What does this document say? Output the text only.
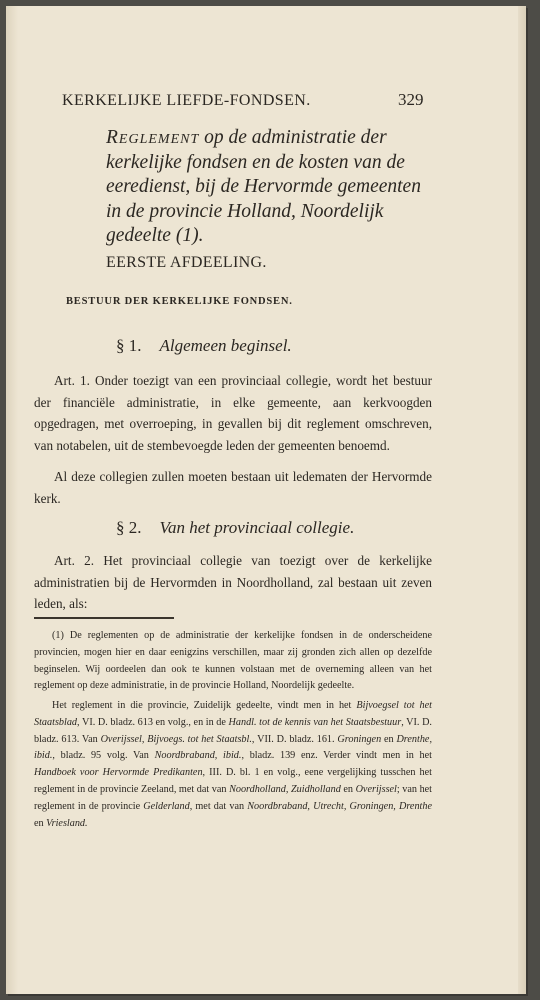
KERKELIJKE LIEFDE-FONDSEN.	329
Reglement op de administratie der kerkelijke fondsen en de kosten van de eeredienst, bij de Hervormde gemeenten in de provincie Holland, Noordelijk gedeelte (1).
EERSTE AFDEELING.
BESTUUR DER KERKELIJKE FONDSEN.
§ 1. Algemeen beginsel.
Art. 1. Onder toezigt van een provinciaal collegie, wordt het bestuur der financiële administratie, in elke gemeente, aan kerkvoogden opgedragen, met overroeping, in gevallen bij dit reglement omschreven, van notabelen, uit de stembevoegde leden der gemeenten benoemd.
Al deze collegien zullen moeten bestaan uit ledematen der Hervormde kerk.
§ 2. Van het provinciaal collegie.
Art. 2. Het provinciaal collegie van toezigt over de kerkelijke administratien bij de Hervormden in Noordholland, zal bestaan uit zeven leden, als:
(1) De reglementen op de administratie der kerkelijke fondsen in de onderscheidene provincien, mogen hier en daar eenigzins verschillen, maar zij gronden zich allen op dezelfde beginselen. Wij oordeelen dan ook te kunnen volstaan met de overneming alleen van het reglement op deze administratie, in de provincie Holland, Noordelijk gedeelte.
Het reglement in die provincie, Zuidelijk gedeelte, vindt men in het Bijvoegsel tot het Staatsblad, VI. D. bladz. 613 en volg., en in de Handl. tot de kennis van het Staatsbestuur, VI. D. bladz. 613. Van Overijssel, Bijvoegs. tot het Staatsbl., VII. D. bladz. 161. Groningen en Drenthe, ibid., bladz. 95 volg. Van Noordbraband, ibid., bladz. 139 enz. Verder vindt men in het Handboek voor Hervormde Predikanten, III. D. bl. 1 en volg., eene vergelijking tusschen het reglement in de provincie Zeeland, met dat van Noordholland, Zuidholland en Overijssel; van het reglement in de provincie Gelderland, met dat van Noordbraband, Utrecht, Groningen, Drenthe en Vriesland.
